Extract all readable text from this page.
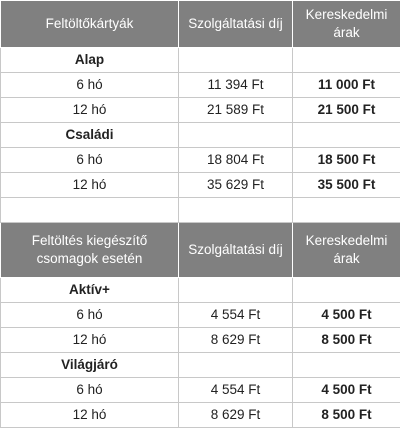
Feltöltőkártyák	Szolgáltatási díj	Kereskedelmi árak
Alap		
6 hó	11 394 Ft	11 000 Ft
12 hó	21 589 Ft	21 500 Ft
Családi		
6 hó	18 804 Ft	18 500 Ft
12 hó	35 629 Ft	35 500 Ft

Feltöltés kiegészítő csomagok esetén	Szolgáltatási díj	Kereskedelmi árak
Aktív+		
6 hó	4 554 Ft	4 500 Ft
12 hó	8 629 Ft	8 500 Ft
Világjáró		
6 hó	4 554 Ft	4 500 Ft
12 hó	8 629 Ft	8 500 Ft
